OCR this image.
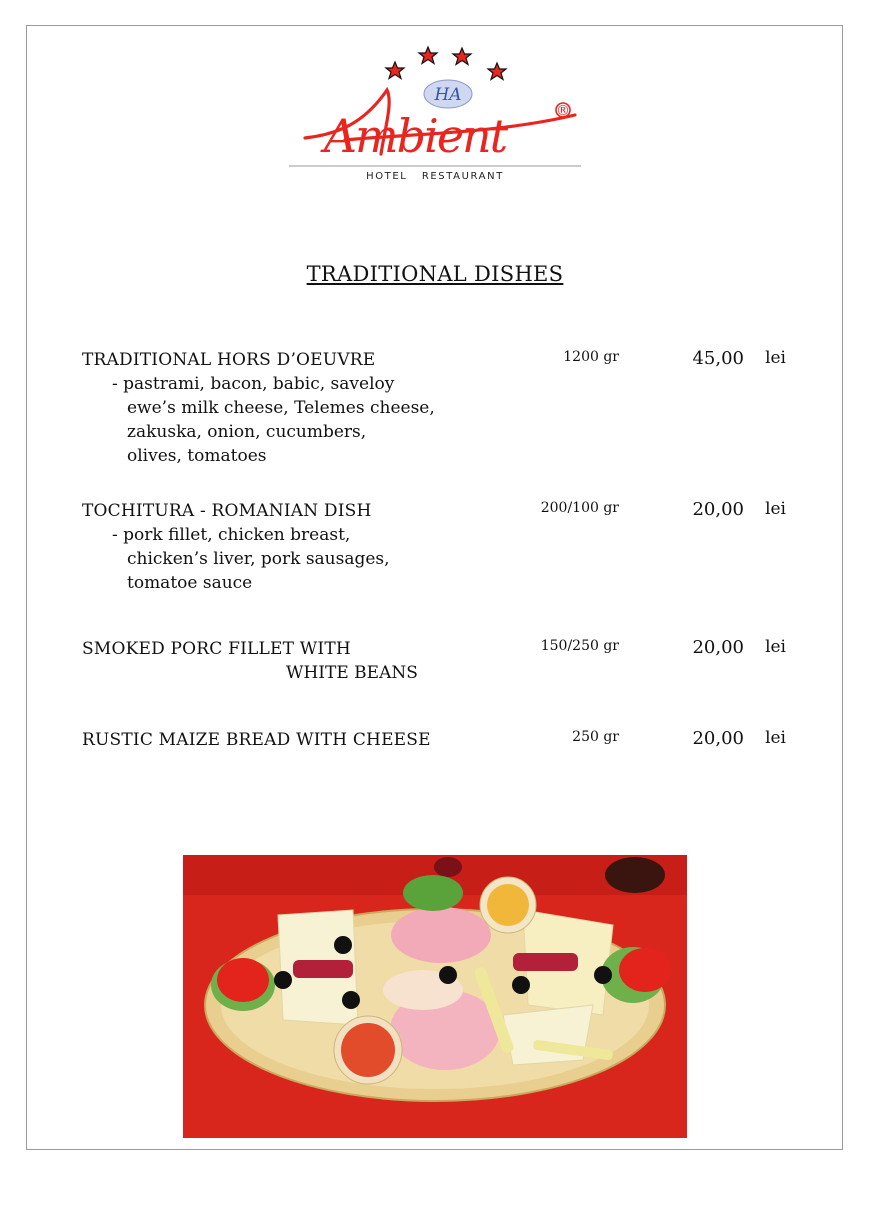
HA
Ambient	®
HOTEL   RESTAURANT
TRADITIONAL DISHES
TRADITIONAL HORS D’OEUVRE
- pastrami, bacon, babic, saveloy
ewe’s milk cheese, Telemes cheese,
zakuska, onion, cucumbers,
olives, tomatoes
1200 gr	45,00 lei
TOCHITURA - ROMANIAN DISH
- pork fillet, chicken breast,
chicken’s liver, pork sausages,
tomatoe sauce
200/100 gr	20,00 lei
SMOKED PORC FILLET WITH
WHITE BEANS
150/250 gr	20,00 lei
RUSTIC MAIZE BREAD WITH CHEESE	250 gr	20,00 lei
